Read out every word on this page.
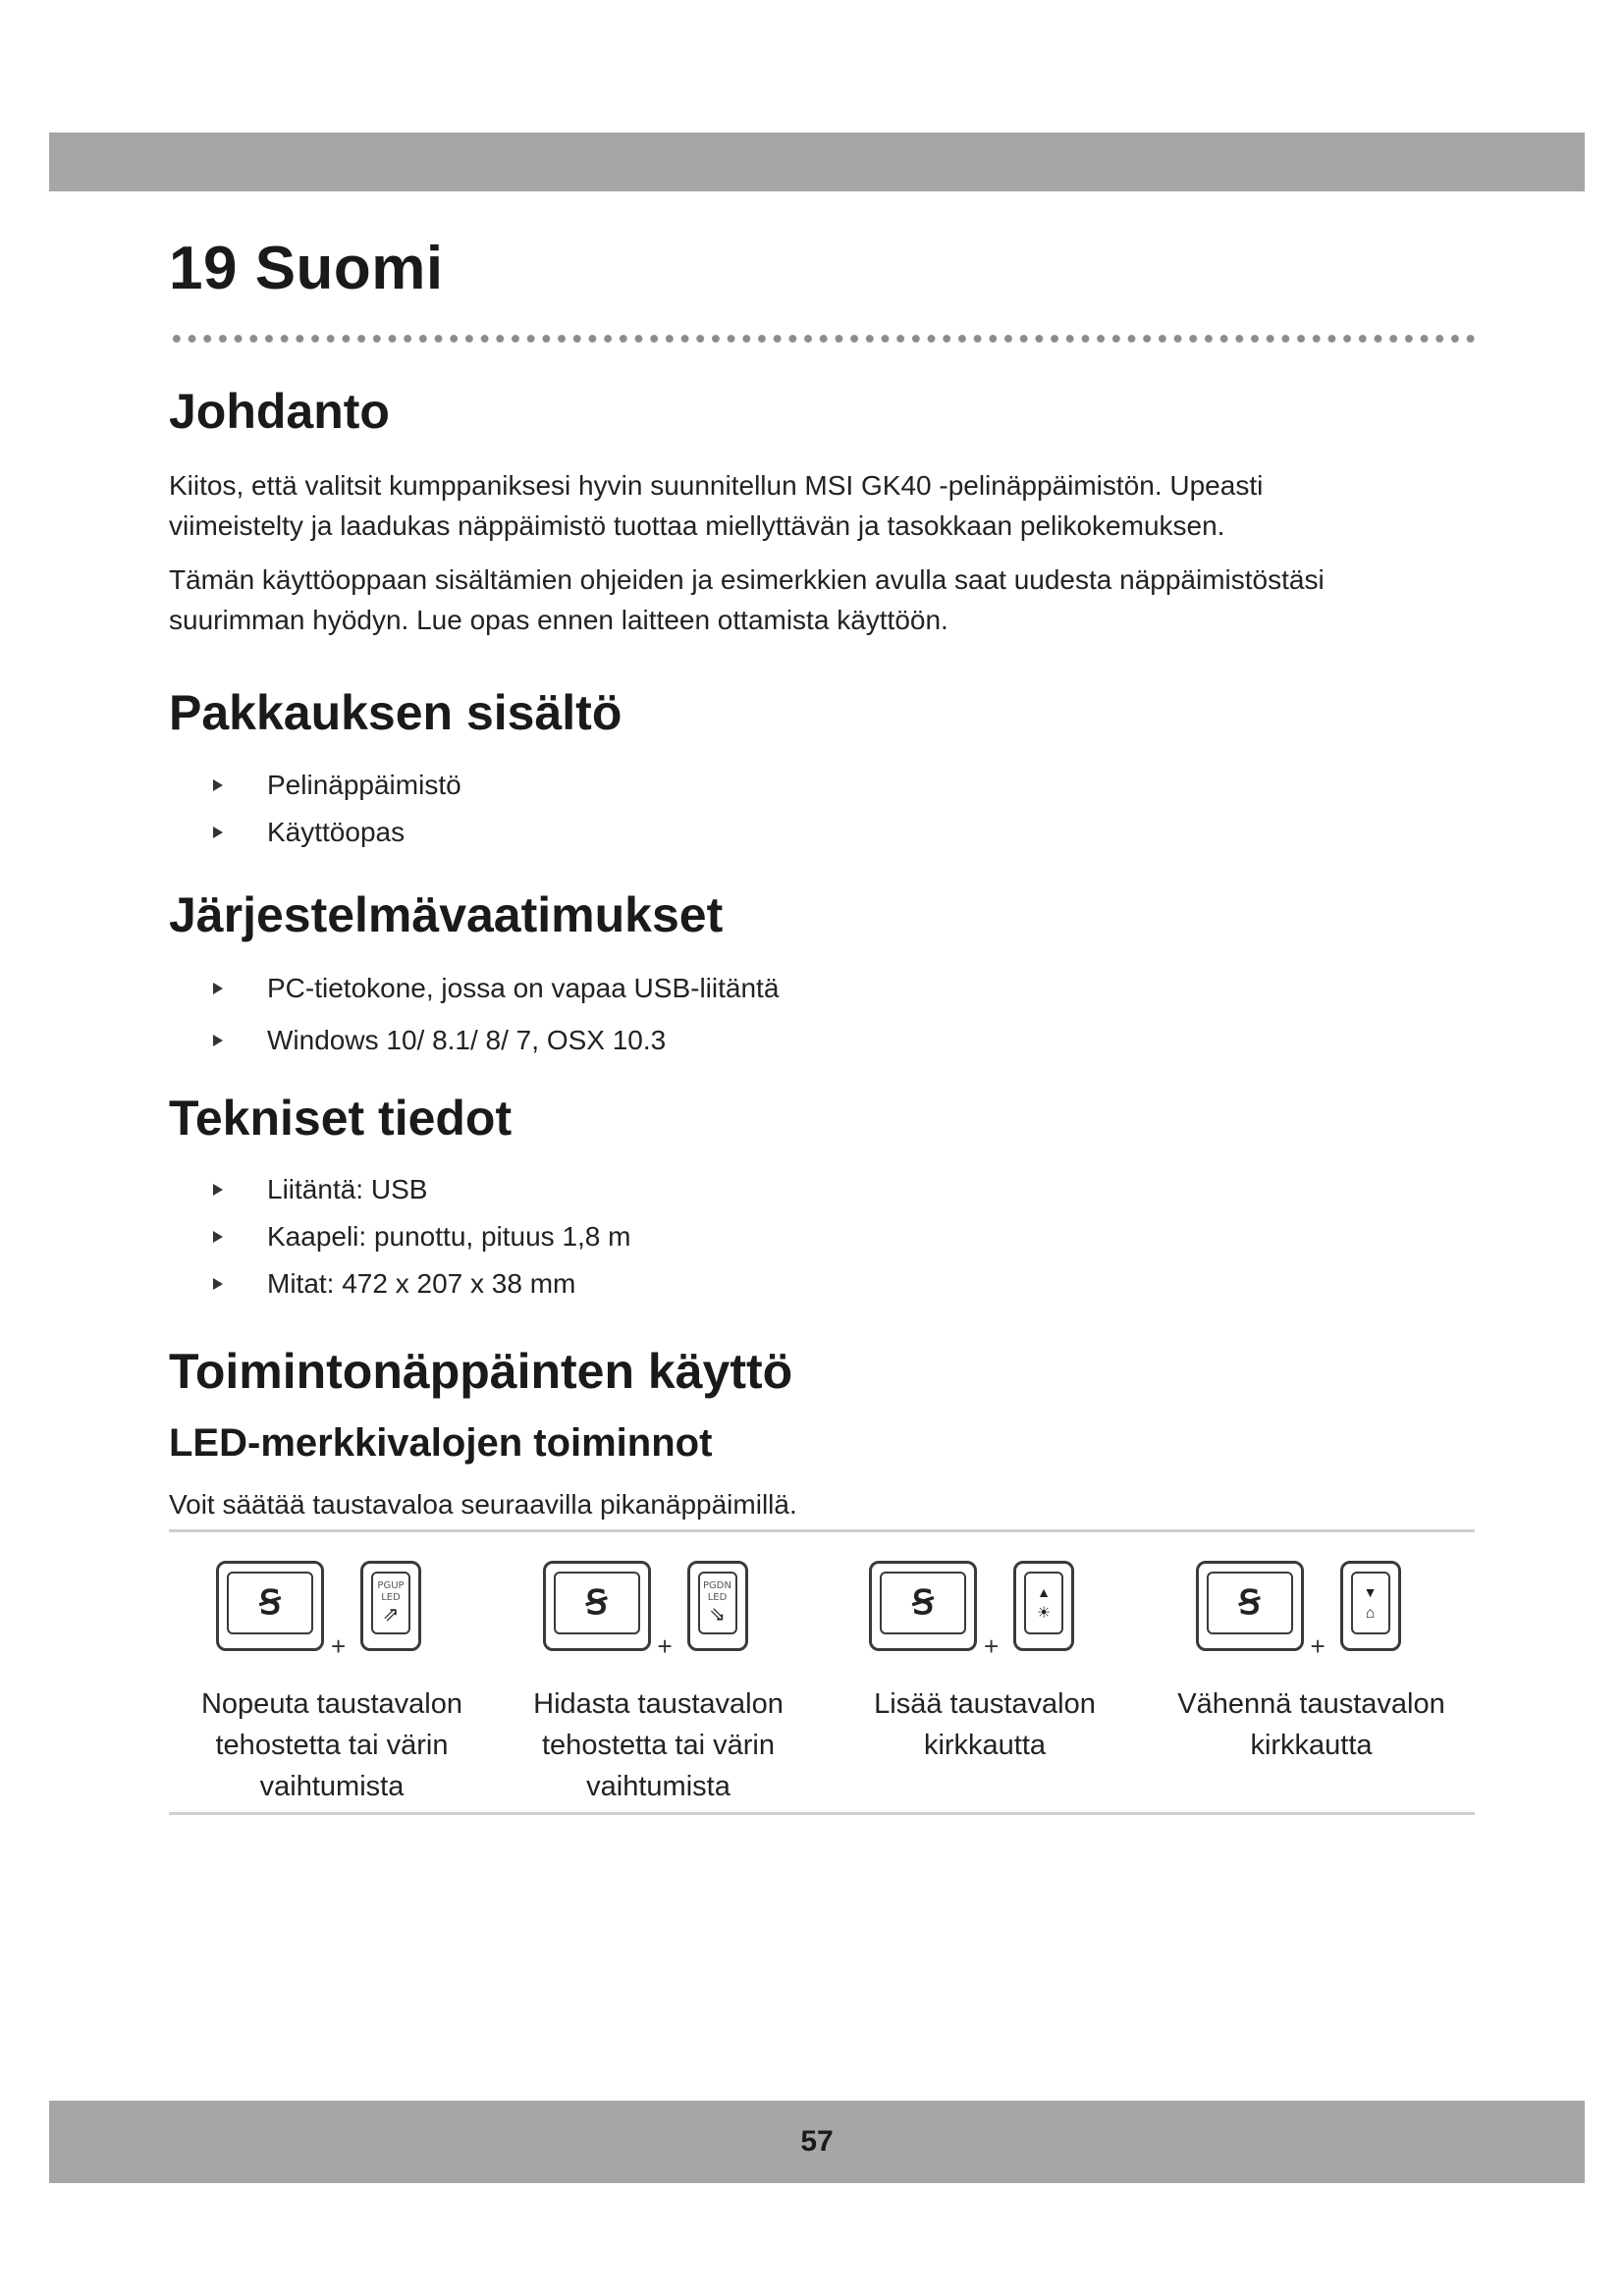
19 Suomi
Johdanto

Kiitos, että valitsit kumppaniksesi hyvin suunnitellun MSI GK40 -pelinäppäimistön. Upeasti
viimeistelty ja laadukas näppäimistö tuottaa miellyttävän ja tasokkaan pelikokemuksen.

Tämän käyttöoppaan sisältämien ohjeiden ja esimerkkien avulla saat uudesta näppäimistöstäsi
suurimman hyödyn. Lue opas ennen laitteen ottamista käyttöön.

Pakkauksen sisältö
Pelinäppäimistö
Käyttöopas
Järjestelmävaatimukset
PC-tietokone, jossa on vapaa USB-liitäntä
Windows 10/ 8.1/ 8/ 7, OSX 10.3
Tekniset tiedot
Liitäntä: USB
Kaapeli: punottu, pituus 1,8 m
Mitat: 472 x 207 x 38 mm
Toimintonäppäinten käyttö
LED-merkkivalojen toiminnot

Voit säätää taustavaloa seuraavilla pikanäppäimillä.

Ꞩ
+
PGUP
LED
⇗
Nopeuta taustavalon
tehostetta tai värin
vaihtumista
Ꞩ
+
PGDN
LED
⇘
Hidasta taustavalon
tehostetta tai värin
vaihtumista
Ꞩ
+
▲
☀
Lisää taustavalon
kirkkautta
Ꞩ
+
▼
⌂
Vähennä taustavalon
kirkkautta
57
